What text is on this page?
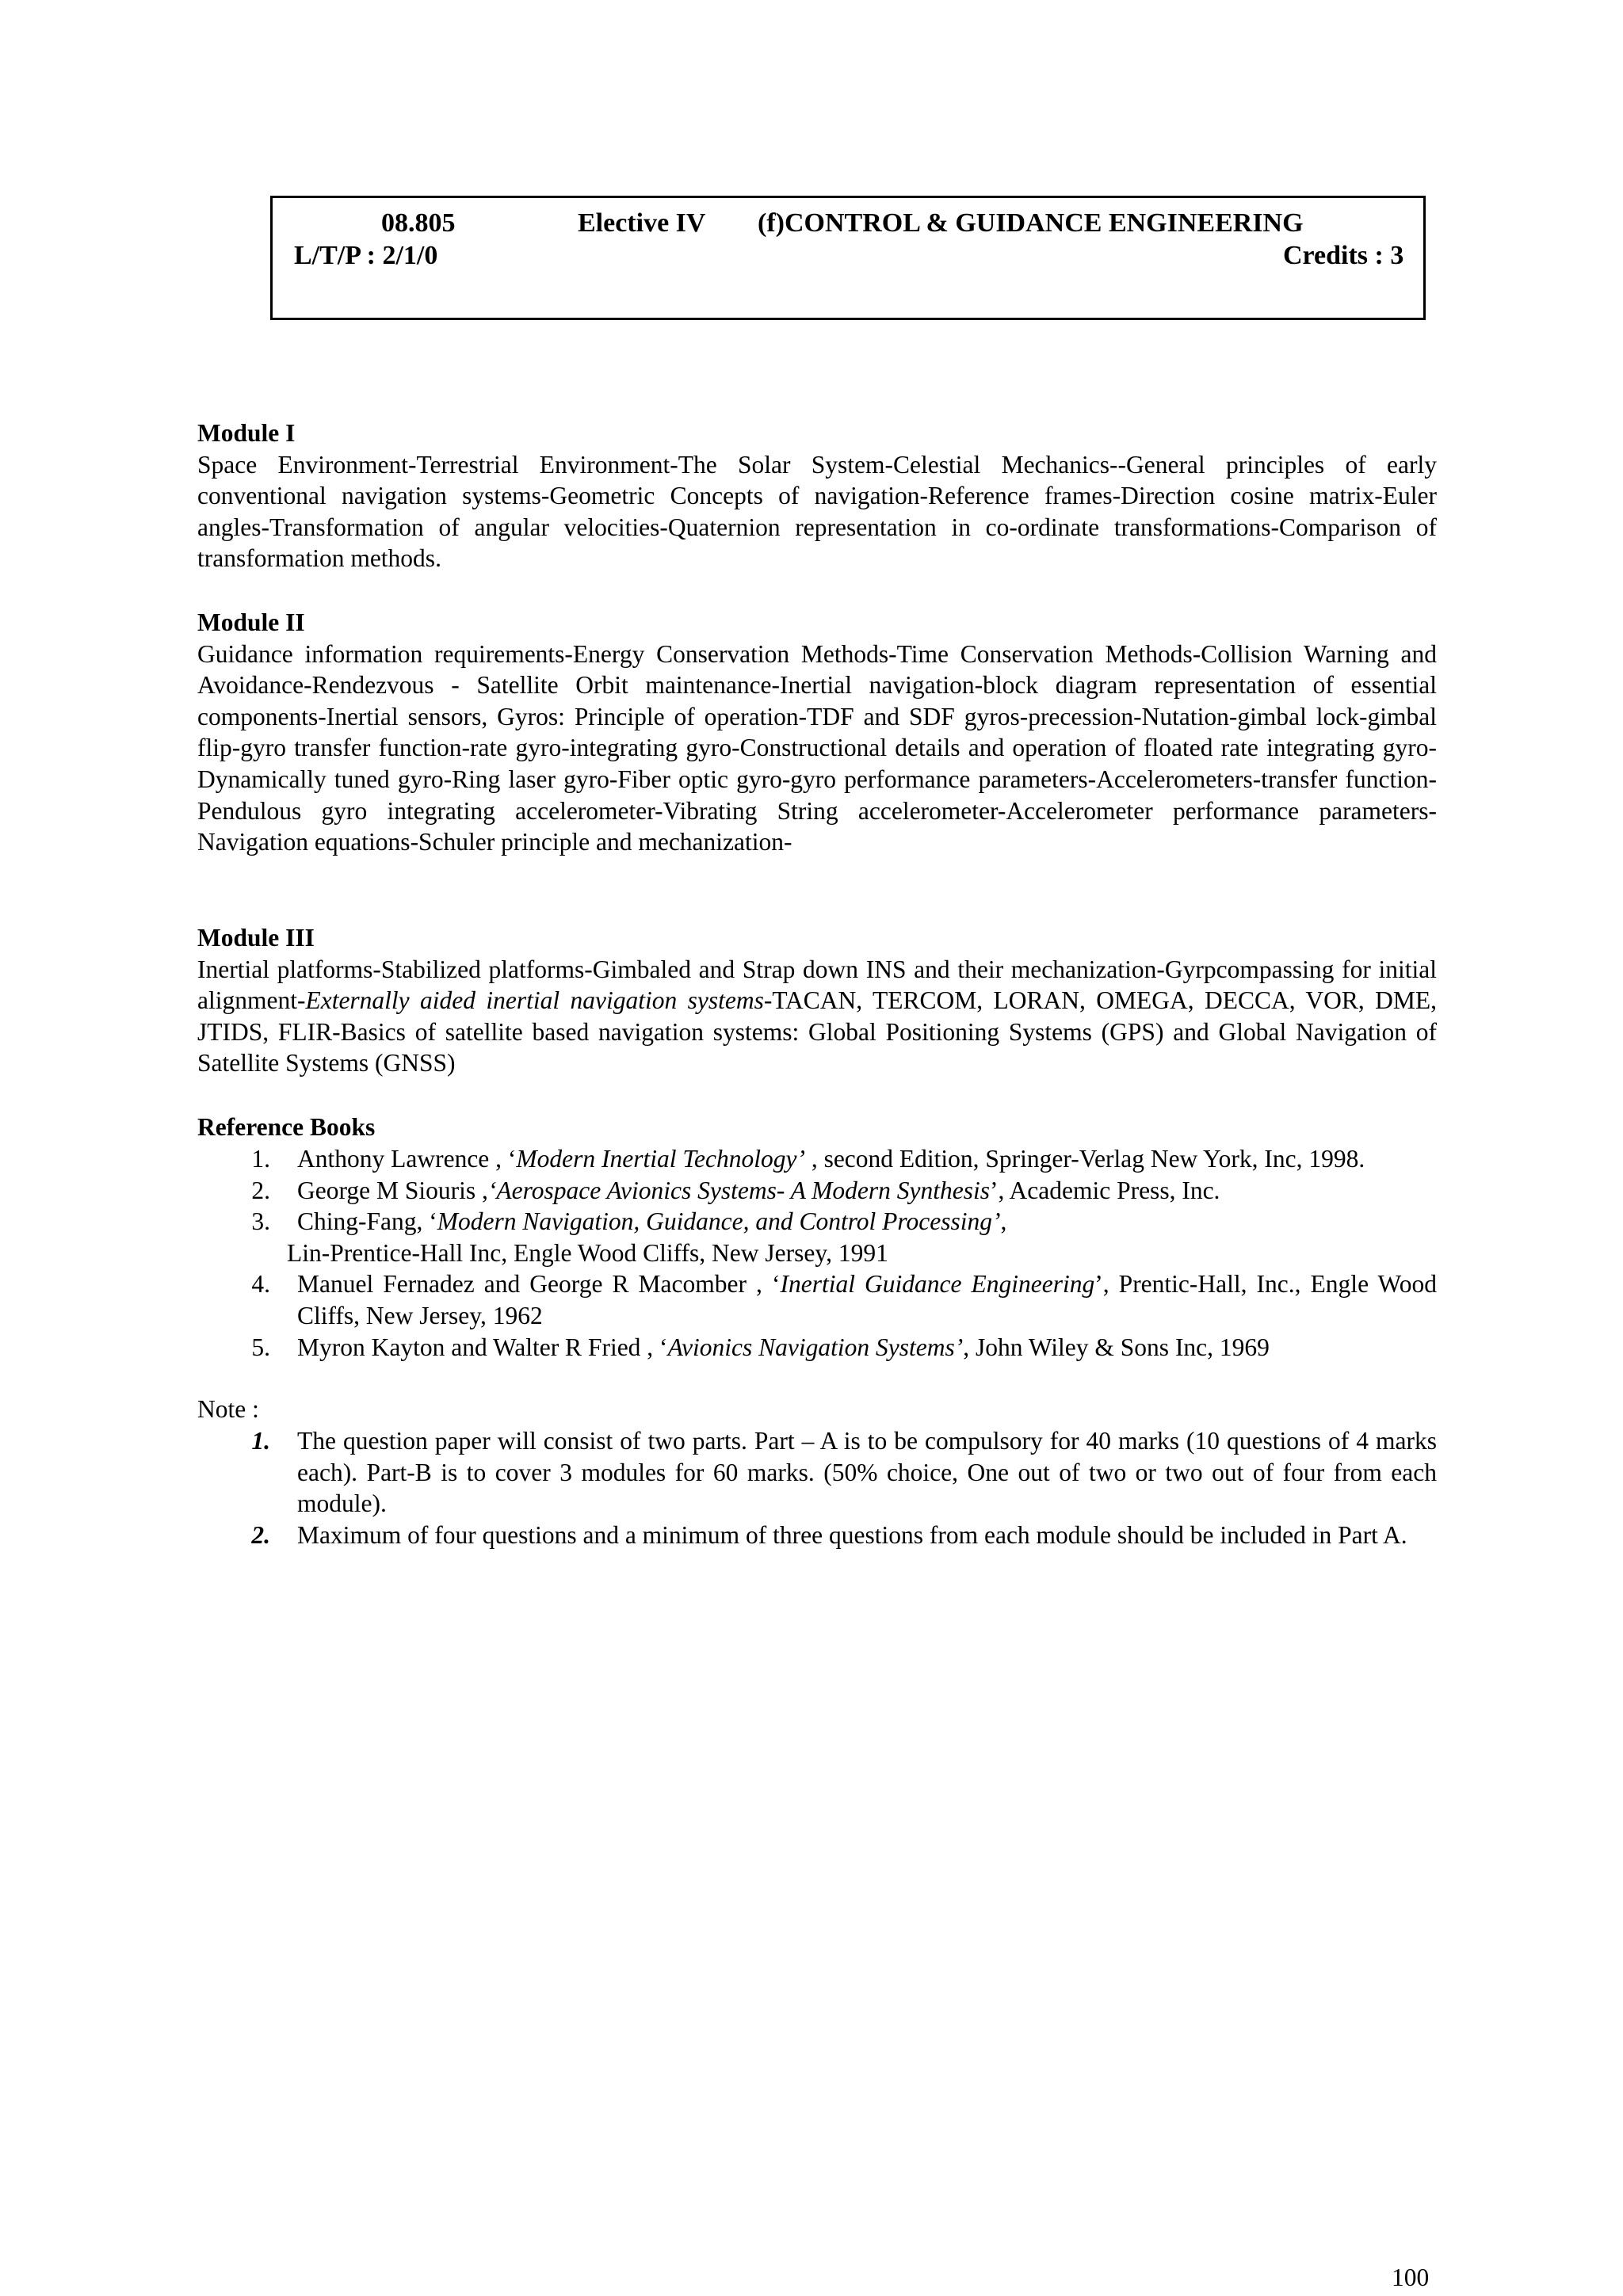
08.805	Elective IV (f)CONTROL & GUIDANCE ENGINEERING
L/T/P : 2/1/0	Credits : 3
Module I
Space Environment-Terrestrial Environment-The Solar System-Celestial Mechanics--General principles of early conventional navigation systems-Geometric Concepts of navigation-Reference frames-Direction cosine matrix-Euler angles-Transformation of angular velocities-Quaternion representation in co-ordinate transformations-Comparison of transformation methods.
Module II
Guidance information requirements-Energy Conservation Methods-Time Conservation Methods-Collision Warning and Avoidance-Rendezvous - Satellite Orbit maintenance-Inertial navigation-block diagram representation of essential components-Inertial sensors, Gyros: Principle of operation-TDF and SDF gyros-precession-Nutation-gimbal lock-gimbal flip-gyro transfer function-rate gyro-integrating gyro-Constructional details and operation of floated rate integrating gyro-Dynamically tuned gyro-Ring laser gyro-Fiber optic gyro-gyro performance parameters-Accelerometers-transfer function-Pendulous gyro integrating accelerometer-Vibrating String accelerometer-Accelerometer performance parameters- Navigation equations-Schuler principle and mechanization-
Module III
Inertial platforms-Stabilized platforms-Gimbaled and Strap down INS and their mechanization-Gyrpcompassing for initial alignment-Externally aided inertial navigation systems-TACAN, TERCOM, LORAN, OMEGA, DECCA, VOR, DME, JTIDS, FLIR-Basics of satellite based navigation systems: Global Positioning Systems (GPS) and Global Navigation of Satellite Systems (GNSS)
Reference Books
1. Anthony Lawrence , ‘Modern Inertial Technology’ , second Edition, Springer-Verlag New York, Inc, 1998.
2. George M Siouris ,‘Aerospace Avionics Systems- A Modern Synthesis’, Academic Press, Inc.
3. Ching-Fang, ‘Modern Navigation, Guidance, and Control Processing’,
Lin-Prentice-Hall Inc, Engle Wood Cliffs, New Jersey, 1991
4. Manuel Fernadez and George R Macomber , ‘Inertial Guidance Engineering’, Prentic-Hall, Inc., Engle Wood Cliffs, New Jersey, 1962
5. Myron Kayton and Walter R Fried , ‘Avionics Navigation Systems’, John Wiley & Sons Inc, 1969
Note :
1. The question paper will consist of two parts. Part – A is to be compulsory for 40 marks (10 questions of 4 marks each). Part-B is to cover 3 modules for 60 marks. (50% choice, One out of two or two out of four from each module).
2. Maximum of four questions and a minimum of three questions from each module should be included in Part A.
100
